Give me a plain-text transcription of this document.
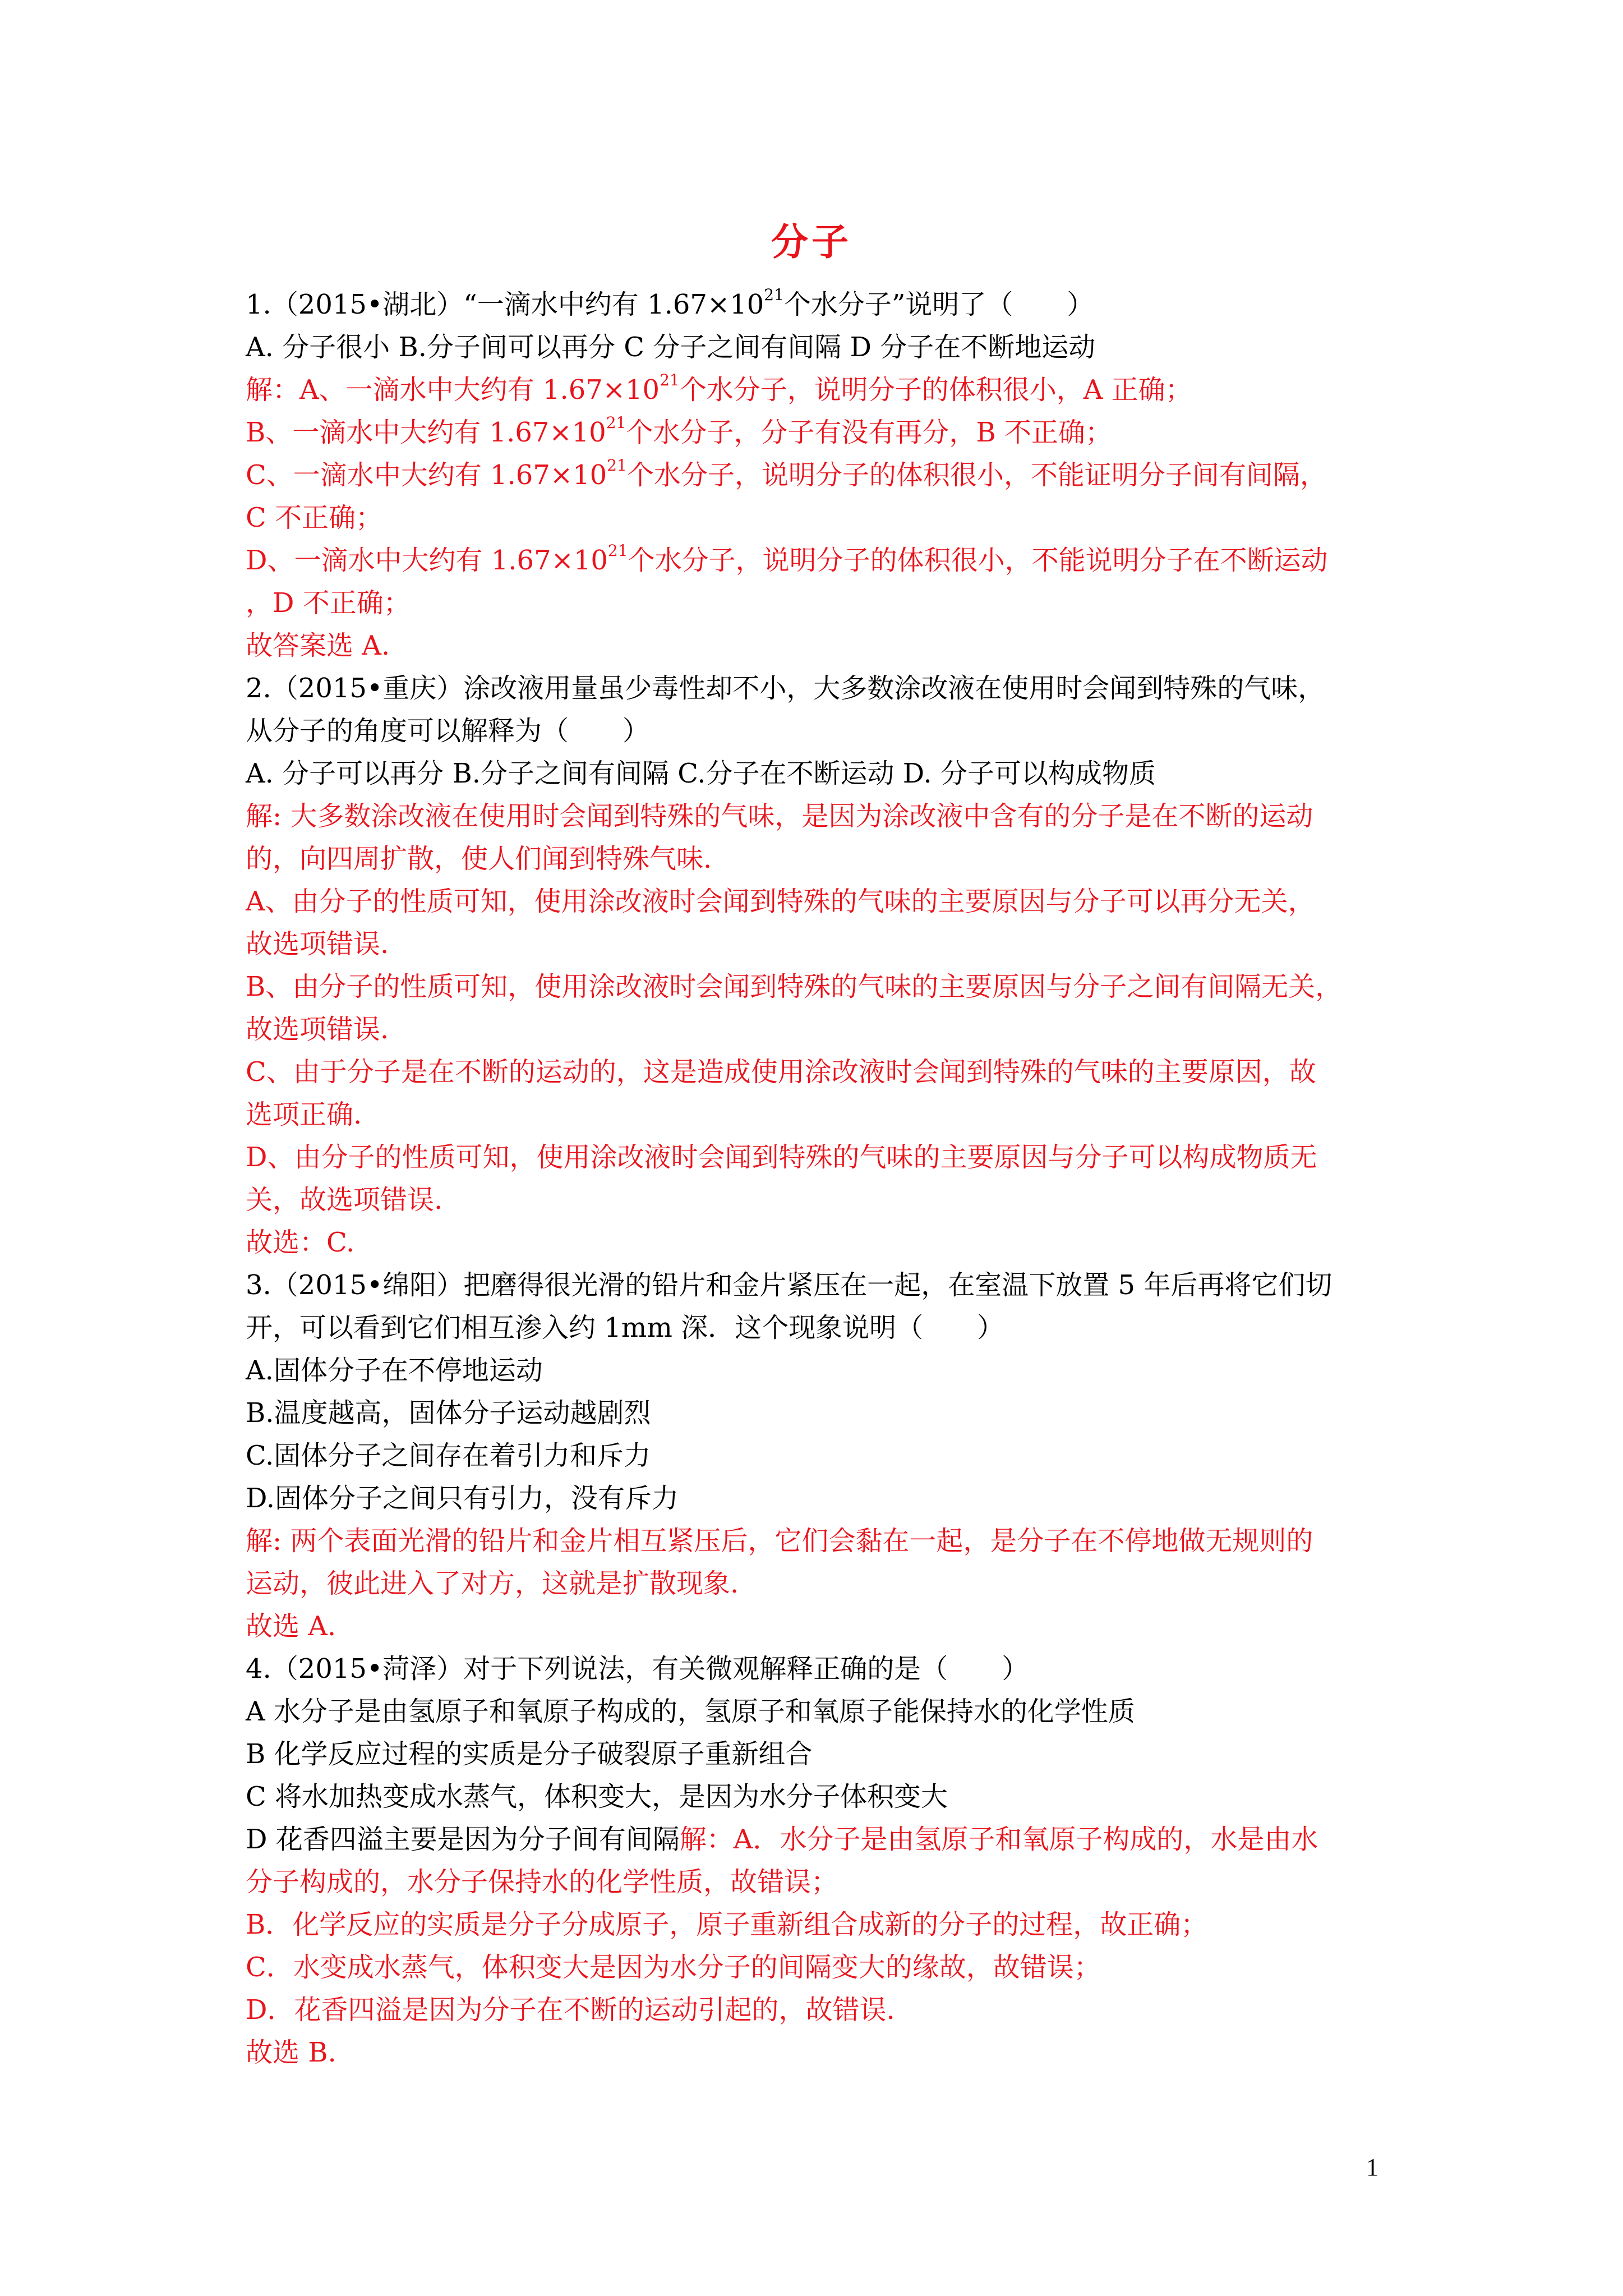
分子
1.（2015•湖北）“一滴水中约有 $1.67\times 10^{21}$个水分子”说明了（　　）
A. 分子很小 B.分子间可以再分 C 分子之间有间隔 D 分子在不断地运动
解：A、一滴水中大约有 $1.67\times 10^{21}$个水分子，说明分子的体积很小，A 正确；
B、一滴水中大约有 $1.67\times 10^{21}$个水分子，分子有没有再分，B 不正确；
C、一滴水中大约有 $1.67\times 10^{21}$个水分子，说明分子的体积很小，不能证明分子间有间隔，
C 不正确；
D、一滴水中大约有 $1.67\times 10^{21}$个水分子，说明分子的体积很小，不能说明分子在不断运动
，D 不正确；
故答案选 A.
2.（2015•重庆）涂改液用量虽少毒性却不小，大多数涂改液在使用时会闻到特殊的气味，
从分子的角度可以解释为（　　）
A. 分子可以再分 B.分子之间有间隔 C.分子在不断运动 D. 分子可以构成物质
解: 大多数涂改液在使用时会闻到特殊的气味，是因为涂改液中含有的分子是在不断的运动
的，向四周扩散，使人们闻到特殊气味.
A、由分子的性质可知，使用涂改液时会闻到特殊的气味的主要原因与分子可以再分无关，
故选项错误.
B、由分子的性质可知，使用涂改液时会闻到特殊的气味的主要原因与分子之间有间隔无关，
故选项错误.
C、由于分子是在不断的运动的，这是造成使用涂改液时会闻到特殊的气味的主要原因，故
选项正确.
D、由分子的性质可知，使用涂改液时会闻到特殊的气味的主要原因与分子可以构成物质无
关，故选项错误.
故选：C.
3.（2015•绵阳）把磨得很光滑的铅片和金片紧压在一起，在室温下放置 5 年后再将它们切
开，可以看到它们相互渗入约 1mm 深．这个现象说明（　　）
A.固体分子在不停地运动
B.温度越高，固体分子运动越剧烈
C.固体分子之间存在着引力和斥力
D.固体分子之间只有引力，没有斥力
解: 两个表面光滑的铅片和金片相互紧压后，它们会黏在一起，是分子在不停地做无规则的
运动，彼此进入了对方，这就是扩散现象.
故选 A.
4.（2015•菏泽）对于下列说法，有关微观解释正确的是（　　）
A 水分子是由氢原子和氧原子构成的，氢原子和氧原子能保持水的化学性质
B 化学反应过程的实质是分子破裂原子重新组合
C 将水加热变成水蒸气，体积变大，是因为水分子体积变大
D 花香四溢主要是因为分子间有间隔解：A．水分子是由氢原子和氧原子构成的，水是由水
分子构成的，水分子保持水的化学性质，故错误；
B．化学反应的实质是分子分成原子，原子重新组合成新的分子的过程，故正确；
C．水变成水蒸气，体积变大是因为水分子的间隔变大的缘故，故错误；
D．花香四溢是因为分子在不断的运动引起的，故错误.
故选 B.
1
